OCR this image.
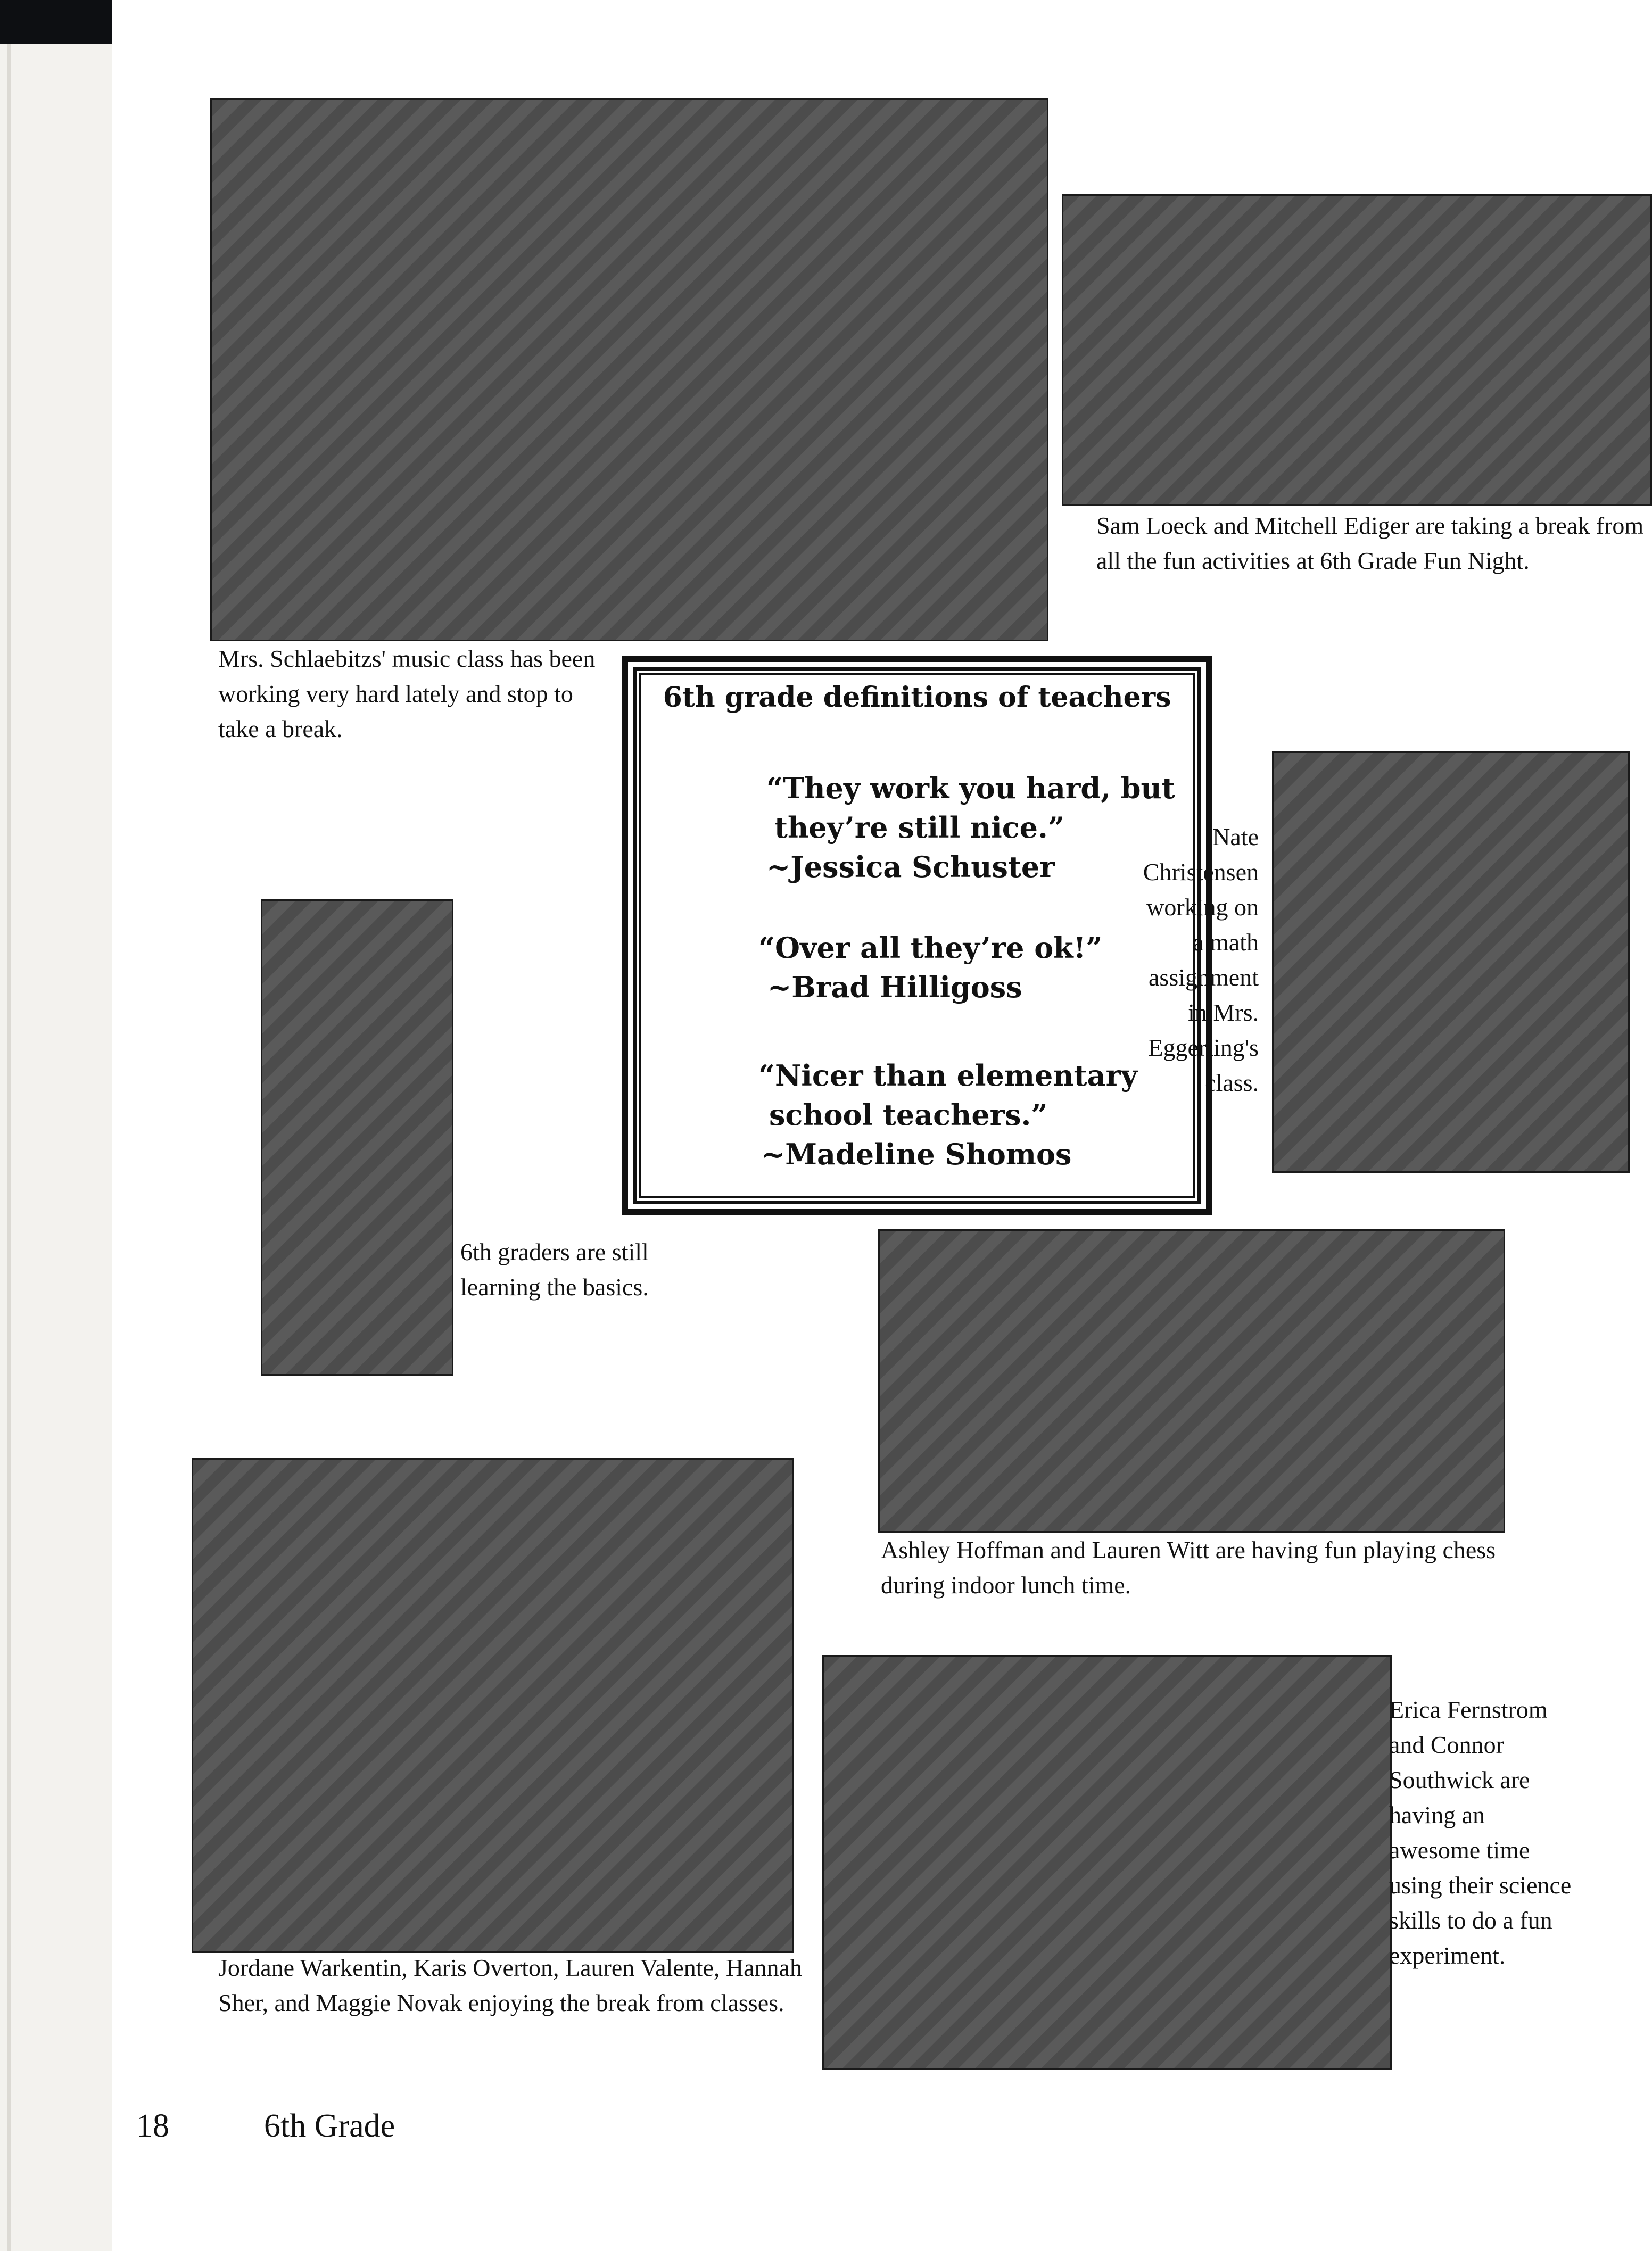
Mrs. Schlaebitzs' music class has been working very hard lately and stop to take a break.
Sam Loeck and Mitchell Ediger are taking a break from all the fun activities at 6th Grade Fun Night.
6th grade definitions of teachers
“They work you hard, but
they’re still nice.”
~Jessica Schuster
“Over all they’re ok!”
~Brad Hilligoss
“Nicer than elementary
school teachers.”
~Madeline Shomos
Nate Christensen working on a math assignment in Mrs. Eggerling's class.
6th graders are still learning the basics.
Ashley Hoffman and Lauren Witt are having fun playing chess during indoor lunch time.
Jordane Warkentin, Karis Overton, Lauren Valente, Hannah Sher, and Maggie Novak enjoying the break from classes.
Erica Fernstrom and Connor Southwick are having an awesome time using their science skills to do a fun experiment.
18	6th Grade
